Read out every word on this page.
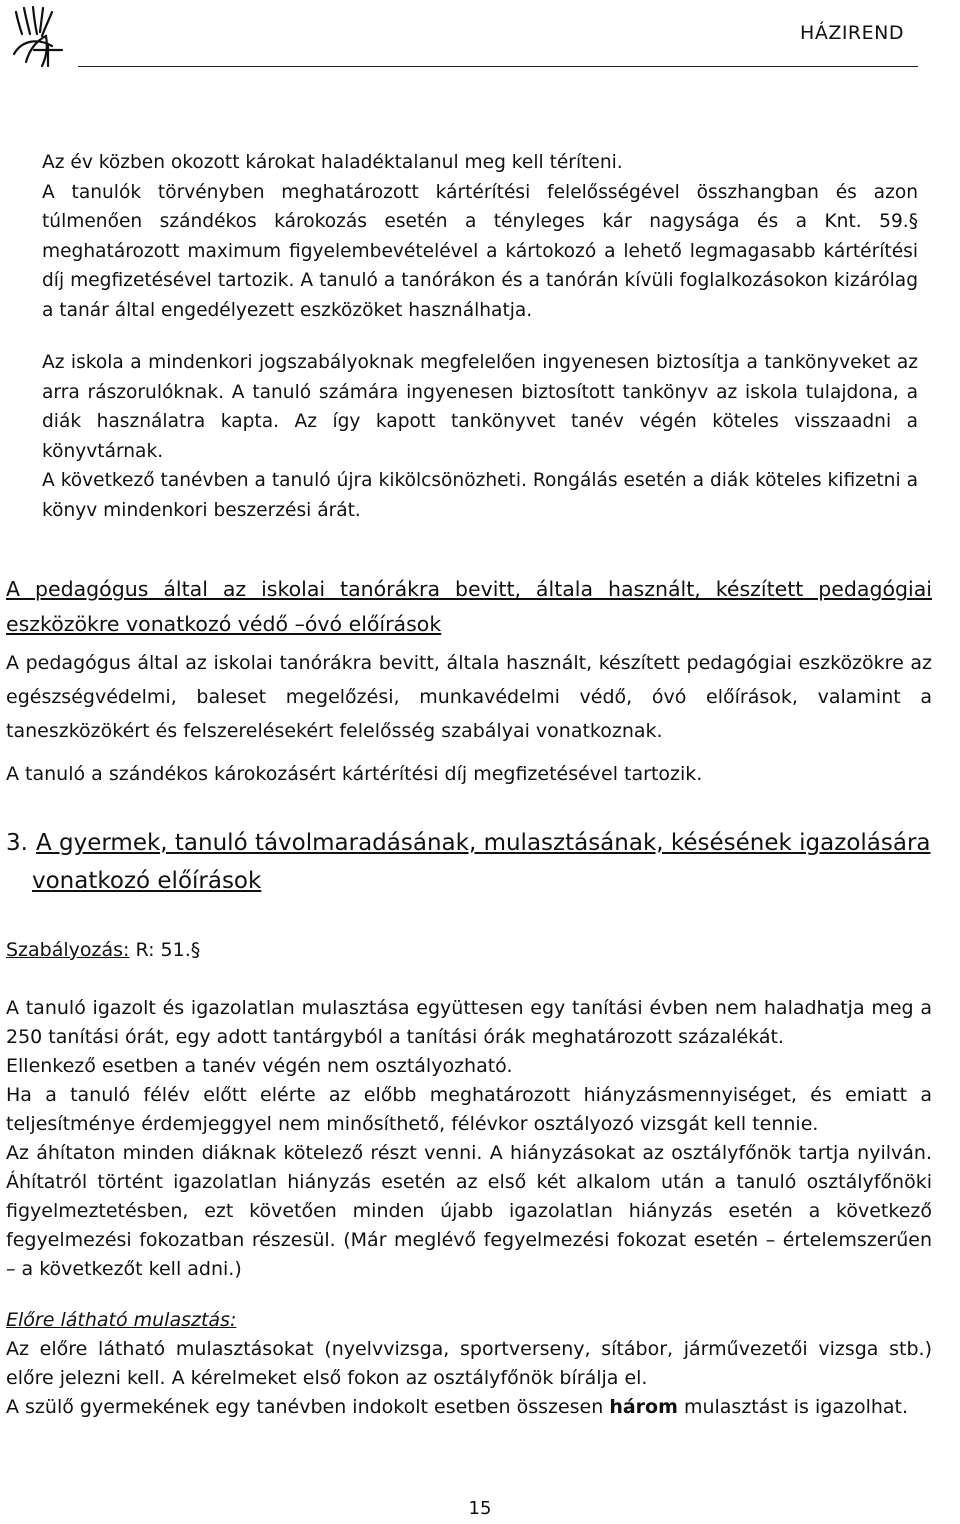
HÁZIREND
Az év közben okozott károkat haladéktalanul meg kell téríteni.
A tanulók törvényben meghatározott kártérítési felelősségével összhangban és azon túlmenően szándékos károkozás esetén a tényleges kár nagysága és a Knt. 59.§ meghatározott maximum figyelembevételével a kártokozó a lehető legmagasabb kártérítési díj megfizetésével tartozik. A tanuló a tanórákon és a tanórán kívüli foglalkozásokon kizárólag a tanár által engedélyezett eszközöket használhatja.
Az iskola a mindenkori jogszabályoknak megfelelően ingyenesen biztosítja a tankönyveket az arra rászorulóknak. A tanuló számára ingyenesen biztosított tankönyv az iskola tulajdona, a diák használatra kapta. Az így kapott tankönyvet tanév végén köteles visszaadni a könyvtárnak.
A következő tanévben a tanuló újra kikölcsönözheti. Rongálás esetén a diák köteles kifizetni a könyv mindenkori beszerzési árát.
A pedagógus által az iskolai tanórákra bevitt, általa használt, készített pedagógiai eszközökre vonatkozó védő –óvó előírások
A pedagógus által az iskolai tanórákra bevitt, általa használt, készített pedagógiai eszközökre az egészségvédelmi, baleset megelőzési, munkavédelmi védő, óvó előírások, valamint a taneszközökért és felszerelésekért felelősség szabályai vonatkoznak.
A tanuló a szándékos károkozásért kártérítési díj megfizetésével tartozik.
3. A gyermek, tanuló távolmaradásának, mulasztásának, késésének igazolására
vonatkozó előírások
Szabályozás: R: 51.§
A tanuló igazolt és igazolatlan mulasztása együttesen egy tanítási évben nem haladhatja meg a 250 tanítási órát, egy adott tantárgyból a tanítási órák meghatározott százalékát.
Ellenkező esetben a tanév végén nem osztályozható.
Ha a tanuló félév előtt elérte az előbb meghatározott hiányzásmennyiséget, és emiatt a teljesítménye érdemjeggyel nem minősíthető, félévkor osztályozó vizsgát kell tennie.
Az áhítaton minden diáknak kötelező részt venni. A hiányzásokat az osztályfőnök tartja nyilván. Áhítatról történt igazolatlan hiányzás esetén az első két alkalom után a tanuló osztályfőnöki figyelmeztetésben, ezt követően minden újabb igazolatlan hiányzás esetén a következő fegyelmezési fokozatban részesül. (Már meglévő fegyelmezési fokozat esetén – értelemszerűen – a következőt kell adni.)
Előre látható mulasztás:
Az előre látható mulasztásokat (nyelvvizsga, sportverseny, sítábor, járművezetői vizsga stb.) előre jelezni kell. A kérelmeket első fokon az osztályfőnök bírálja el.
A szülő gyermekének egy tanévben indokolt esetben összesen három mulasztást is igazolhat.
15
